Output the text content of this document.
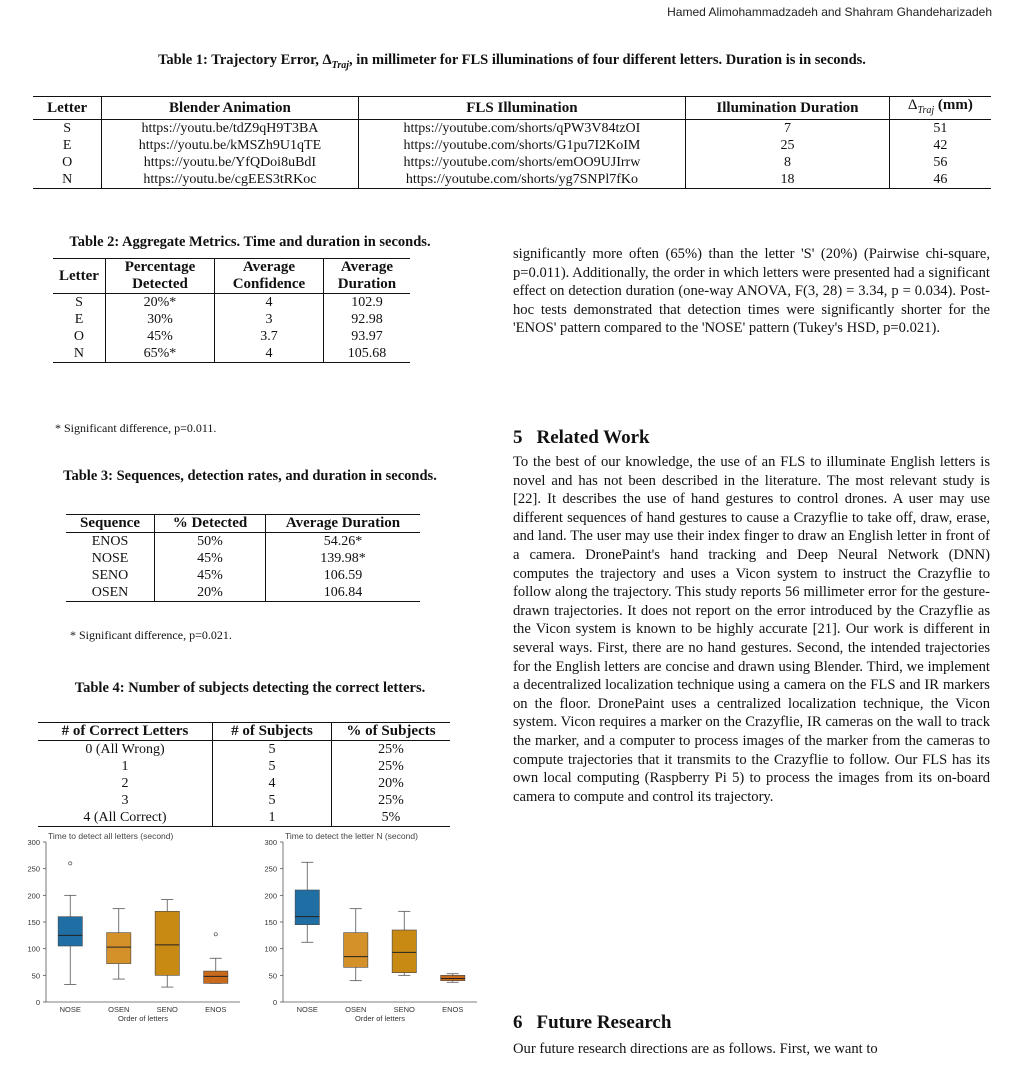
Hamed Alimohammadzadeh and Shahram Ghandeharizadeh
Table 1: Trajectory Error, $\Delta_{Traj}$, in millimeter for FLS illuminations of four different letters. Duration is in seconds.
Letter	Blender Animation	FLS Illumination	Illumination Duration	$\Delta_{Traj}$ (mm)
S	https://youtu.be/tdZ9qH9T3BA	https://youtube.com/shorts/qPW3V84tzOI	7	51
E	https://youtu.be/kMSZh9U1qTE	https://youtube.com/shorts/G1pu7I2KoIM	25	42
O	https://youtu.be/YfQDoi8uBdI	https://youtube.com/shorts/emOO9UJIrrw	8	56
N	https://youtu.be/cgEES3tRKoc	https://youtube.com/shorts/yg7SNPl7fKo	18	46
Table 2: Aggregate Metrics. Time and duration in seconds.
Letter	Percentage Detected	Average Confidence	Average Duration
S	20%*	4	102.9
E	30%	3	92.98
O	45%	3.7	93.97
N	65%*	4	105.68
* Significant difference, p=0.011.
Table 3: Sequences, detection rates, and duration in seconds.
Sequence	% Detected	Average Duration
ENOS	50%	54.26*
NOSE	45%	139.98*
SENO	45%	106.59
OSEN	20%	106.84
* Significant difference, p=0.021.
Table 4: Number of subjects detecting the correct letters.
# of Correct Letters	# of Subjects	% of Subjects
0 (All Wrong)	5	25%
1	5	25%
2	4	20%
3	5	25%
4 (All Correct)	1	5%
Time to detect all letters (second)
0
50
100
150
200
250
300
NOSE	OSEN	SENO	ENOS
Order of letters
Time to detect the letter N (second)
0
50
100
150
200
250
300
NOSE	OSEN	SENO	ENOS
Order of letters
significantly more often (65%) than the letter 'S' (20%) (Pairwise chi-square, p=0.011). Additionally, the order in which letters were presented had a significant effect on detection duration (one-way ANOVA, F(3, 28) = 3.34, p = 0.034). Post-hoc tests demonstrated that detection times were significantly shorter for the 'ENOS' pattern compared to the 'NOSE' pattern (Tukey's HSD, p=0.021).
5 Related Work
To the best of our knowledge, the use of an FLS to illuminate English letters is novel and has not been described in the literature. The most relevant study is [22]. It describes the use of hand gestures to control drones. A user may use different sequences of hand gestures to cause a Crazyflie to take off, draw, erase, and land. The user may use their index finger to draw an English letter in front of a camera. DronePaint's hand tracking and Deep Neural Network (DNN) computes the trajectory and uses a Vicon system to instruct the Crazyflie to follow along the trajectory. This study reports 56 millimeter error for the gesture-drawn trajectories. It does not report on the error introduced by the Crazyflie as the Vicon system is known to be highly accurate [21]. Our work is different in several ways. First, there are no hand gestures. Second, the intended trajectories for the English letters are concise and drawn using Blender. Third, we implement a decentralized localization technique using a camera on the FLS and IR markers on the floor. DronePaint uses a centralized localization technique, the Vicon system. Vicon requires a marker on the Crazyflie, IR cameras on the wall to track the marker, and a computer to process images of the marker from the cameras to compute trajectories that it transmits to the Crazyflie to follow. Our FLS has its own local computing (Raspberry Pi 5) to process the images from its on-board camera to compute and control its trajectory.
6 Future Research
Our future research directions are as follows. First, we want to
